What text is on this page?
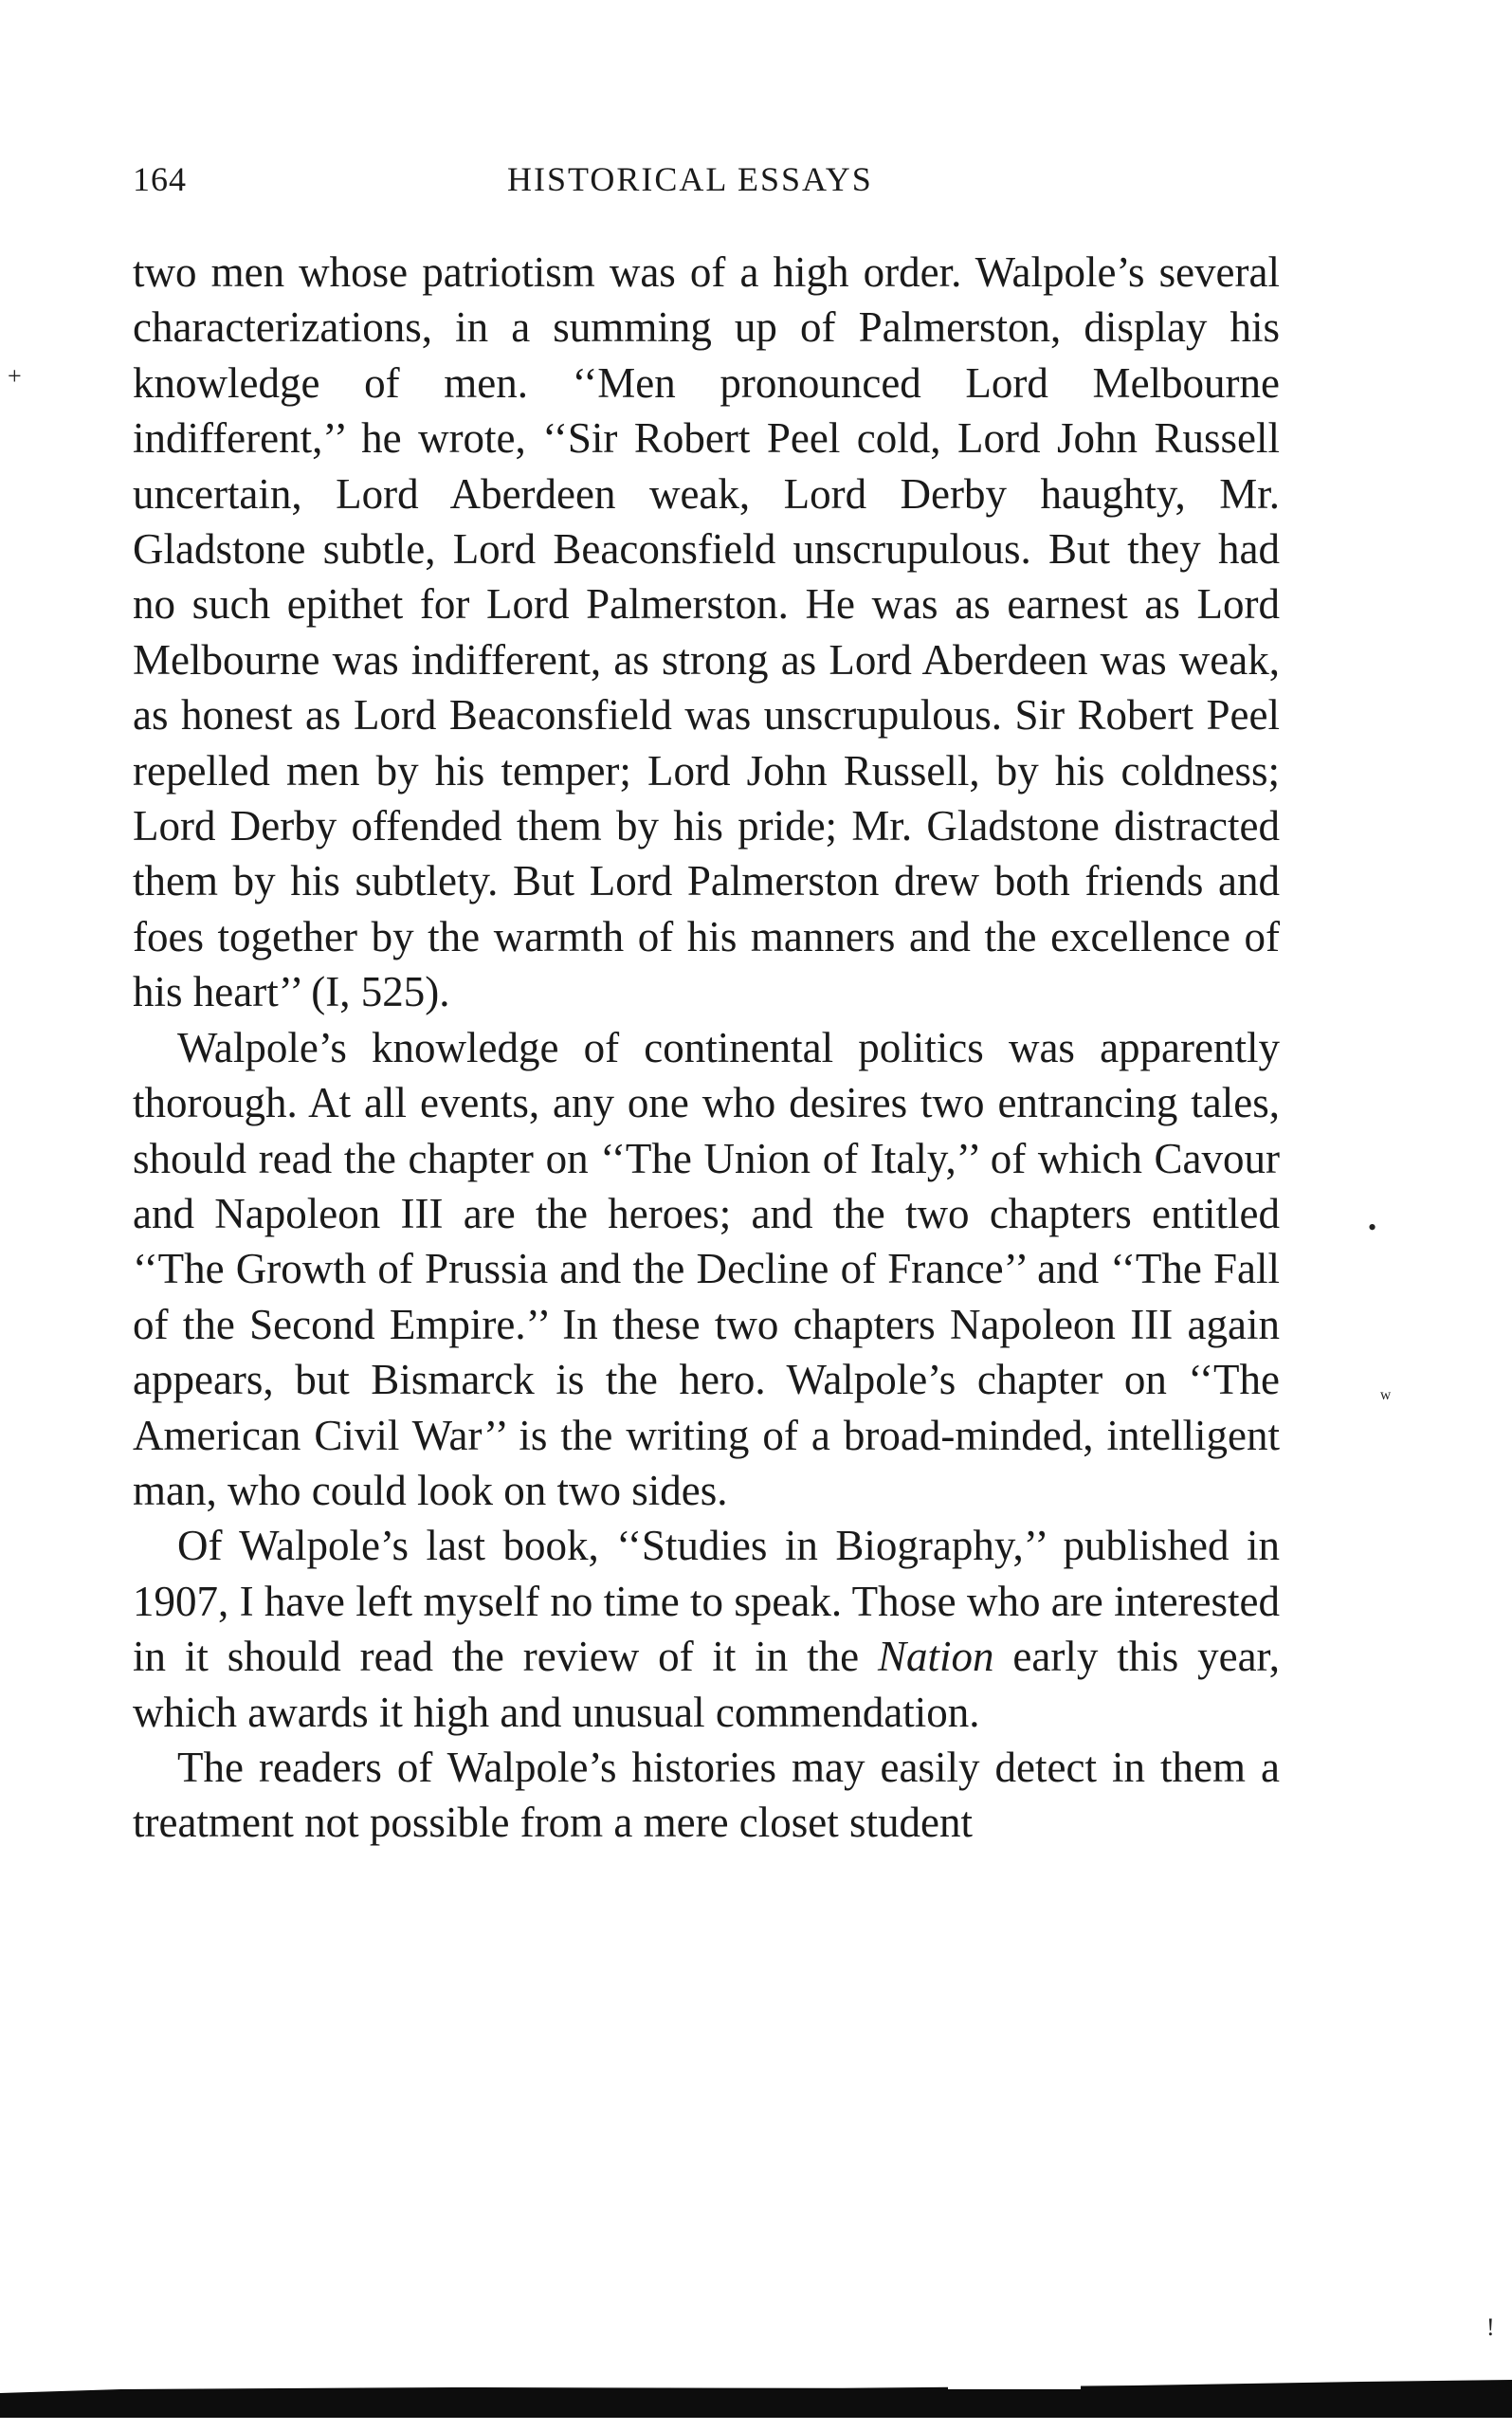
164	HISTORICAL ESSAYS

two men whose patriotism was of a high order. Walpole’s several characterizations, in a summing up of Palmerston, display his knowledge of men. ‘‘Men pronounced Lord Melbourne indifferent,’’ he wrote, ‘‘Sir Robert Peel cold, Lord John Russell uncertain, Lord Aberdeen weak, Lord Derby haughty, Mr. Gladstone subtle, Lord Beaconsfield unscrupulous. But they had no such epithet for Lord Palmerston. He was as earnest as Lord Melbourne was indifferent, as strong as Lord Aberdeen was weak, as honest as Lord Beaconsfield was unscrupulous. Sir Robert Peel repelled men by his temper; Lord John Russell, by his coldness; Lord Derby offended them by his pride; Mr. Gladstone distracted them by his subtlety. But Lord Palmerston drew both friends and foes together by the warmth of his manners and the excellence of his heart’’ (I, 525).

Walpole’s knowledge of continental politics was apparently thorough. At all events, any one who desires two entrancing tales, should read the chapter on ‘‘The Union of Italy,’’ of which Cavour and Napoleon III are the heroes; and the two chapters entitled ‘‘The Growth of Prussia and the Decline of France’’ and ‘‘The Fall of the Second Empire.’’ In these two chapters Napoleon III again appears, but Bismarck is the hero. Walpole’s chapter on ‘‘The American Civil War’’ is the writing of a broad-minded, intelligent man, who could look on two sides.

Of Walpole’s last book, ‘‘Studies in Biography,’’ published in 1907, I have left myself no time to speak. Those who are interested in it should read the review of it in the Nation early this year, which awards it high and unusual commendation.

The readers of Walpole’s histories may easily detect in them a treatment not possible from a mere closet student

+
•
ʷ
ǃ
